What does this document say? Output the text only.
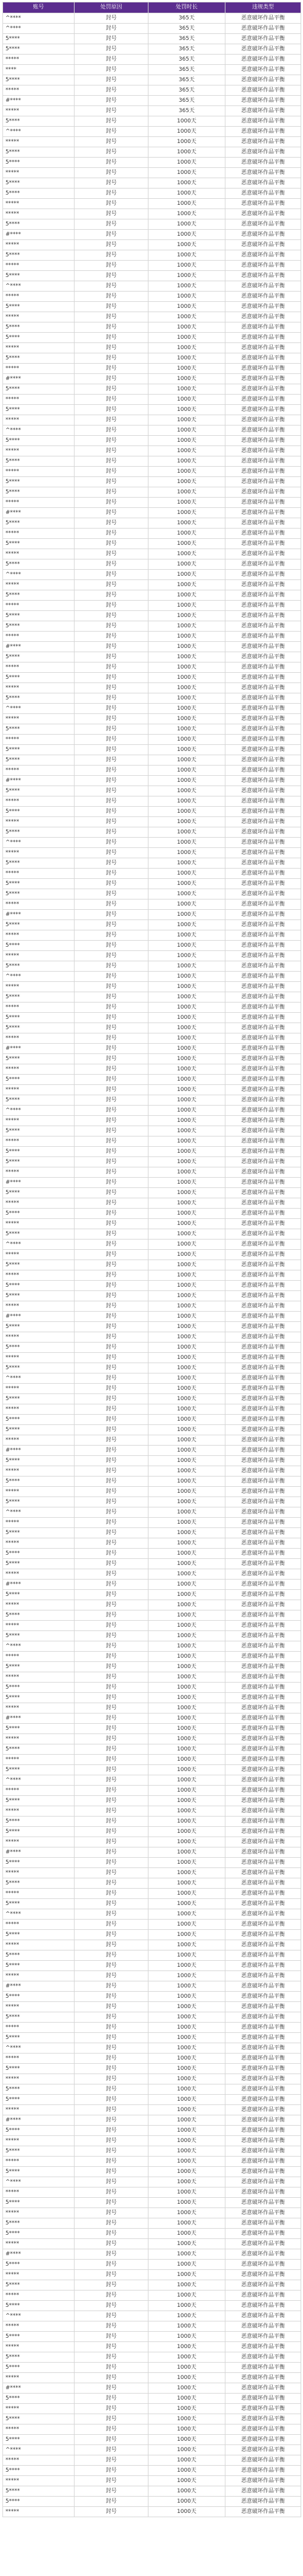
账号	处罚原因	处罚时长	违规类型
^****	封号	365天	恶意破坏作品平衡
^****	封号	365天	恶意破坏作品平衡
5****	封号	365天	恶意破坏作品平衡
5****	封号	365天	恶意破坏作品平衡
*****	封号	365天	恶意破坏作品平衡
****	封号	365天	恶意破坏作品平衡
5****	封号	365天	恶意破坏作品平衡
*****	封号	365天	恶意破坏作品平衡
#****	封号	365天	恶意破坏作品平衡
*****	封号	365天	恶意破坏作品平衡
5****	封号	1000天	恶意破坏作品平衡
^****	封号	1000天	恶意破坏作品平衡
*****	封号	1000天	恶意破坏作品平衡
5****	封号	1000天	恶意破坏作品平衡
5****	封号	1000天	恶意破坏作品平衡
*****	封号	1000天	恶意破坏作品平衡
5****	封号	1000天	恶意破坏作品平衡
5****	封号	1000天	恶意破坏作品平衡
*****	封号	1000天	恶意破坏作品平衡
*****	封号	1000天	恶意破坏作品平衡
5****	封号	1000天	恶意破坏作品平衡
#****	封号	1000天	恶意破坏作品平衡
*****	封号	1000天	恶意破坏作品平衡
5****	封号	1000天	恶意破坏作品平衡
*****	封号	1000天	恶意破坏作品平衡
5****	封号	1000天	恶意破坏作品平衡
^****	封号	1000天	恶意破坏作品平衡
*****	封号	1000天	恶意破坏作品平衡
5****	封号	1000天	恶意破坏作品平衡
*****	封号	1000天	恶意破坏作品平衡
5****	封号	1000天	恶意破坏作品平衡
5****	封号	1000天	恶意破坏作品平衡
*****	封号	1000天	恶意破坏作品平衡
5****	封号	1000天	恶意破坏作品平衡
*****	封号	1000天	恶意破坏作品平衡
#****	封号	1000天	恶意破坏作品平衡
5****	封号	1000天	恶意破坏作品平衡
*****	封号	1000天	恶意破坏作品平衡
5****	封号	1000天	恶意破坏作品平衡
*****	封号	1000天	恶意破坏作品平衡
^****	封号	1000天	恶意破坏作品平衡
5****	封号	1000天	恶意破坏作品平衡
*****	封号	1000天	恶意破坏作品平衡
5****	封号	1000天	恶意破坏作品平衡
*****	封号	1000天	恶意破坏作品平衡
5****	封号	1000天	恶意破坏作品平衡
5****	封号	1000天	恶意破坏作品平衡
*****	封号	1000天	恶意破坏作品平衡
#****	封号	1000天	恶意破坏作品平衡
5****	封号	1000天	恶意破坏作品平衡
*****	封号	1000天	恶意破坏作品平衡
5****	封号	1000天	恶意破坏作品平衡
*****	封号	1000天	恶意破坏作品平衡
5****	封号	1000天	恶意破坏作品平衡
^****	封号	1000天	恶意破坏作品平衡
*****	封号	1000天	恶意破坏作品平衡
5****	封号	1000天	恶意破坏作品平衡
*****	封号	1000天	恶意破坏作品平衡
5****	封号	1000天	恶意破坏作品平衡
5****	封号	1000天	恶意破坏作品平衡
*****	封号	1000天	恶意破坏作品平衡
#****	封号	1000天	恶意破坏作品平衡
5****	封号	1000天	恶意破坏作品平衡
*****	封号	1000天	恶意破坏作品平衡
5****	封号	1000天	恶意破坏作品平衡
*****	封号	1000天	恶意破坏作品平衡
5****	封号	1000天	恶意破坏作品平衡
^****	封号	1000天	恶意破坏作品平衡
*****	封号	1000天	恶意破坏作品平衡
5****	封号	1000天	恶意破坏作品平衡
*****	封号	1000天	恶意破坏作品平衡
5****	封号	1000天	恶意破坏作品平衡
5****	封号	1000天	恶意破坏作品平衡
*****	封号	1000天	恶意破坏作品平衡
#****	封号	1000天	恶意破坏作品平衡
5****	封号	1000天	恶意破坏作品平衡
*****	封号	1000天	恶意破坏作品平衡
5****	封号	1000天	恶意破坏作品平衡
*****	封号	1000天	恶意破坏作品平衡
5****	封号	1000天	恶意破坏作品平衡
^****	封号	1000天	恶意破坏作品平衡
*****	封号	1000天	恶意破坏作品平衡
5****	封号	1000天	恶意破坏作品平衡
*****	封号	1000天	恶意破坏作品平衡
5****	封号	1000天	恶意破坏作品平衡
5****	封号	1000天	恶意破坏作品平衡
*****	封号	1000天	恶意破坏作品平衡
#****	封号	1000天	恶意破坏作品平衡
5****	封号	1000天	恶意破坏作品平衡
*****	封号	1000天	恶意破坏作品平衡
5****	封号	1000天	恶意破坏作品平衡
*****	封号	1000天	恶意破坏作品平衡
5****	封号	1000天	恶意破坏作品平衡
^****	封号	1000天	恶意破坏作品平衡
*****	封号	1000天	恶意破坏作品平衡
5****	封号	1000天	恶意破坏作品平衡
*****	封号	1000天	恶意破坏作品平衡
5****	封号	1000天	恶意破坏作品平衡
5****	封号	1000天	恶意破坏作品平衡
*****	封号	1000天	恶意破坏作品平衡
#****	封号	1000天	恶意破坏作品平衡
5****	封号	1000天	恶意破坏作品平衡
*****	封号	1000天	恶意破坏作品平衡
5****	封号	1000天	恶意破坏作品平衡
*****	封号	1000天	恶意破坏作品平衡
5****	封号	1000天	恶意破坏作品平衡
^****	封号	1000天	恶意破坏作品平衡
*****	封号	1000天	恶意破坏作品平衡
5****	封号	1000天	恶意破坏作品平衡
*****	封号	1000天	恶意破坏作品平衡
5****	封号	1000天	恶意破坏作品平衡
5****	封号	1000天	恶意破坏作品平衡
*****	封号	1000天	恶意破坏作品平衡
#****	封号	1000天	恶意破坏作品平衡
5****	封号	1000天	恶意破坏作品平衡
*****	封号	1000天	恶意破坏作品平衡
5****	封号	1000天	恶意破坏作品平衡
*****	封号	1000天	恶意破坏作品平衡
5****	封号	1000天	恶意破坏作品平衡
^****	封号	1000天	恶意破坏作品平衡
*****	封号	1000天	恶意破坏作品平衡
5****	封号	1000天	恶意破坏作品平衡
*****	封号	1000天	恶意破坏作品平衡
5****	封号	1000天	恶意破坏作品平衡
5****	封号	1000天	恶意破坏作品平衡
*****	封号	1000天	恶意破坏作品平衡
#****	封号	1000天	恶意破坏作品平衡
5****	封号	1000天	恶意破坏作品平衡
*****	封号	1000天	恶意破坏作品平衡
5****	封号	1000天	恶意破坏作品平衡
*****	封号	1000天	恶意破坏作品平衡
5****	封号	1000天	恶意破坏作品平衡
^****	封号	1000天	恶意破坏作品平衡
*****	封号	1000天	恶意破坏作品平衡
5****	封号	1000天	恶意破坏作品平衡
*****	封号	1000天	恶意破坏作品平衡
5****	封号	1000天	恶意破坏作品平衡
5****	封号	1000天	恶意破坏作品平衡
*****	封号	1000天	恶意破坏作品平衡
#****	封号	1000天	恶意破坏作品平衡
5****	封号	1000天	恶意破坏作品平衡
*****	封号	1000天	恶意破坏作品平衡
5****	封号	1000天	恶意破坏作品平衡
*****	封号	1000天	恶意破坏作品平衡
5****	封号	1000天	恶意破坏作品平衡
^****	封号	1000天	恶意破坏作品平衡
*****	封号	1000天	恶意破坏作品平衡
5****	封号	1000天	恶意破坏作品平衡
*****	封号	1000天	恶意破坏作品平衡
5****	封号	1000天	恶意破坏作品平衡
5****	封号	1000天	恶意破坏作品平衡
*****	封号	1000天	恶意破坏作品平衡
#****	封号	1000天	恶意破坏作品平衡
5****	封号	1000天	恶意破坏作品平衡
*****	封号	1000天	恶意破坏作品平衡
5****	封号	1000天	恶意破坏作品平衡
*****	封号	1000天	恶意破坏作品平衡
5****	封号	1000天	恶意破坏作品平衡
^****	封号	1000天	恶意破坏作品平衡
*****	封号	1000天	恶意破坏作品平衡
5****	封号	1000天	恶意破坏作品平衡
*****	封号	1000天	恶意破坏作品平衡
5****	封号	1000天	恶意破坏作品平衡
5****	封号	1000天	恶意破坏作品平衡
*****	封号	1000天	恶意破坏作品平衡
#****	封号	1000天	恶意破坏作品平衡
5****	封号	1000天	恶意破坏作品平衡
*****	封号	1000天	恶意破坏作品平衡
5****	封号	1000天	恶意破坏作品平衡
*****	封号	1000天	恶意破坏作品平衡
5****	封号	1000天	恶意破坏作品平衡
^****	封号	1000天	恶意破坏作品平衡
*****	封号	1000天	恶意破坏作品平衡
5****	封号	1000天	恶意破坏作品平衡
*****	封号	1000天	恶意破坏作品平衡
5****	封号	1000天	恶意破坏作品平衡
5****	封号	1000天	恶意破坏作品平衡
*****	封号	1000天	恶意破坏作品平衡
#****	封号	1000天	恶意破坏作品平衡
5****	封号	1000天	恶意破坏作品平衡
*****	封号	1000天	恶意破坏作品平衡
5****	封号	1000天	恶意破坏作品平衡
*****	封号	1000天	恶意破坏作品平衡
5****	封号	1000天	恶意破坏作品平衡
^****	封号	1000天	恶意破坏作品平衡
*****	封号	1000天	恶意破坏作品平衡
5****	封号	1000天	恶意破坏作品平衡
*****	封号	1000天	恶意破坏作品平衡
5****	封号	1000天	恶意破坏作品平衡
5****	封号	1000天	恶意破坏作品平衡
*****	封号	1000天	恶意破坏作品平衡
#****	封号	1000天	恶意破坏作品平衡
5****	封号	1000天	恶意破坏作品平衡
*****	封号	1000天	恶意破坏作品平衡
5****	封号	1000天	恶意破坏作品平衡
*****	封号	1000天	恶意破坏作品平衡
5****	封号	1000天	恶意破坏作品平衡
^****	封号	1000天	恶意破坏作品平衡
*****	封号	1000天	恶意破坏作品平衡
5****	封号	1000天	恶意破坏作品平衡
*****	封号	1000天	恶意破坏作品平衡
5****	封号	1000天	恶意破坏作品平衡
5****	封号	1000天	恶意破坏作品平衡
*****	封号	1000天	恶意破坏作品平衡
#****	封号	1000天	恶意破坏作品平衡
5****	封号	1000天	恶意破坏作品平衡
*****	封号	1000天	恶意破坏作品平衡
5****	封号	1000天	恶意破坏作品平衡
*****	封号	1000天	恶意破坏作品平衡
5****	封号	1000天	恶意破坏作品平衡
^****	封号	1000天	恶意破坏作品平衡
*****	封号	1000天	恶意破坏作品平衡
5****	封号	1000天	恶意破坏作品平衡
*****	封号	1000天	恶意破坏作品平衡
5****	封号	1000天	恶意破坏作品平衡
5****	封号	1000天	恶意破坏作品平衡
*****	封号	1000天	恶意破坏作品平衡
#****	封号	1000天	恶意破坏作品平衡
5****	封号	1000天	恶意破坏作品平衡
*****	封号	1000天	恶意破坏作品平衡
5****	封号	1000天	恶意破坏作品平衡
*****	封号	1000天	恶意破坏作品平衡
5****	封号	1000天	恶意破坏作品平衡
^****	封号	1000天	恶意破坏作品平衡
*****	封号	1000天	恶意破坏作品平衡
5****	封号	1000天	恶意破坏作品平衡
*****	封号	1000天	恶意破坏作品平衡
5****	封号	1000天	恶意破坏作品平衡
5****	封号	1000天	恶意破坏作品平衡
*****	封号	1000天	恶意破坏作品平衡
#****	封号	1000天	恶意破坏作品平衡
5****	封号	1000天	恶意破坏作品平衡
*****	封号	1000天	恶意破坏作品平衡
5****	封号	1000天	恶意破坏作品平衡
*****	封号	1000天	恶意破坏作品平衡
5****	封号	1000天	恶意破坏作品平衡
^****	封号	1000天	恶意破坏作品平衡
*****	封号	1000天	恶意破坏作品平衡
5****	封号	1000天	恶意破坏作品平衡
*****	封号	1000天	恶意破坏作品平衡
5****	封号	1000天	恶意破坏作品平衡
5****	封号	1000天	恶意破坏作品平衡
*****	封号	1000天	恶意破坏作品平衡
